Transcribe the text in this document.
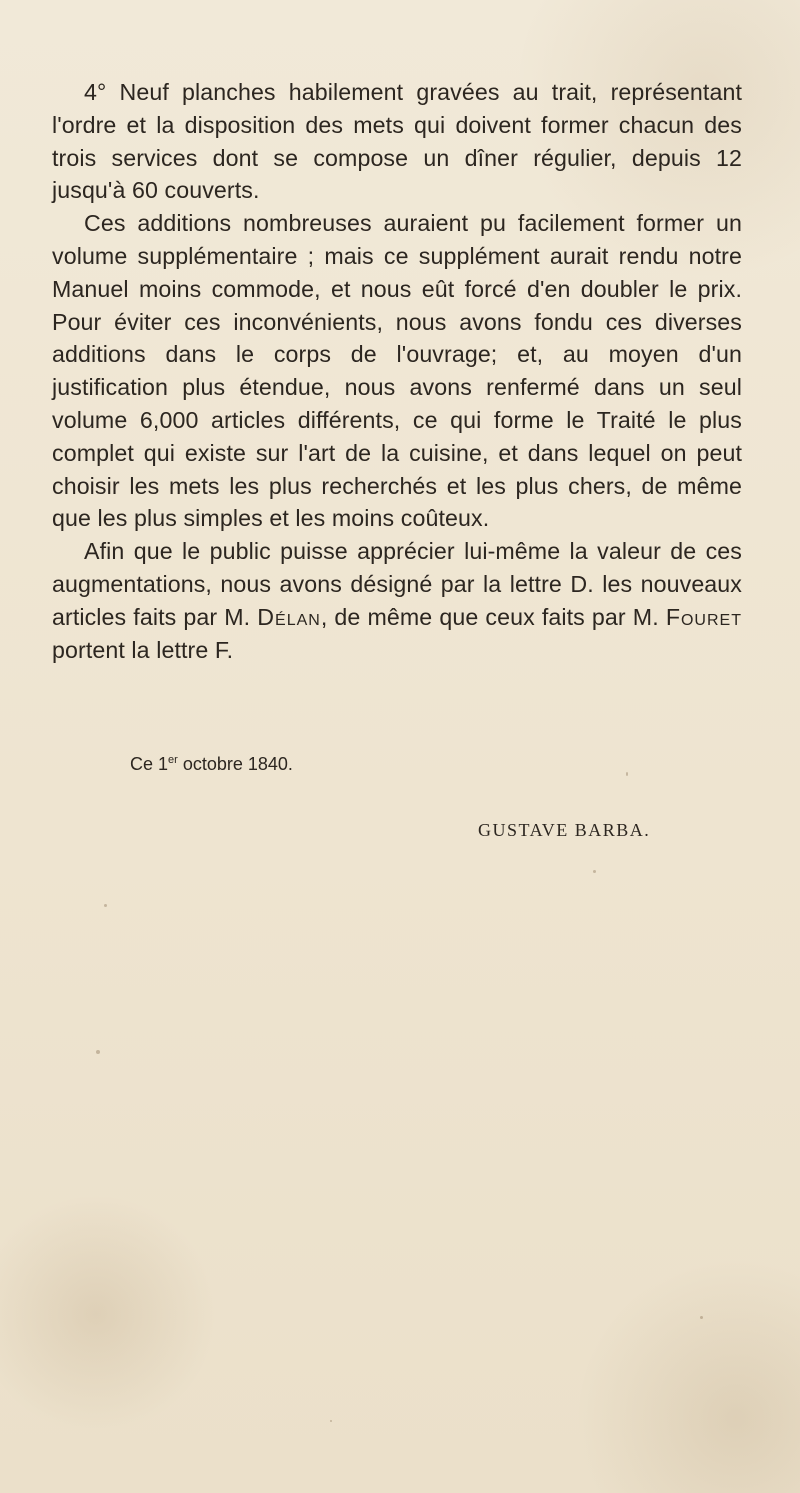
4° Neuf planches habilement gravées au trait, représentant l'ordre et la disposition des mets qui doivent former chacun des trois services dont se compose un dîner régulier, depuis 12 jusqu'à 60 couverts.

Ces additions nombreuses auraient pu facilement former un volume supplémentaire ; mais ce supplément aurait rendu notre Manuel moins commode, et nous eût forcé d'en doubler le prix. Pour éviter ces inconvénients, nous avons fondu ces diverses additions dans le corps de l'ouvrage; et, au moyen d'un justification plus étendue, nous avons renfermé dans un seul volume 6,000 articles différents, ce qui forme le Traité le plus complet qui existe sur l'art de la cuisine, et dans lequel on peut choisir les mets les plus recherchés et les plus chers, de même que les plus simples et les moins coûteux.

Afin que le public puisse apprécier lui-même la valeur de ces augmentations, nous avons désigné par la lettre D. les nouveaux articles faits par M. Délan, de même que ceux faits par M. Fouret portent la lettre F.

Ce 1er octobre 1840.
GUSTAVE BARBA.
